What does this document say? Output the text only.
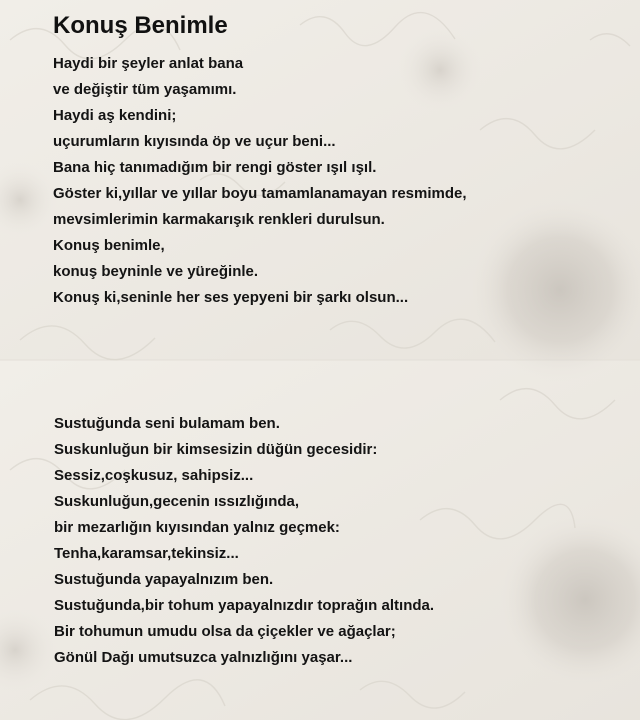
Konuş Benimle
Haydi bir şeyler anlat bana
ve değiştir tüm yaşamımı.
Haydi aş kendini;
uçurumların kıyısında öp ve uçur beni...
Bana hiç tanımadığım bir rengi göster ışıl ışıl.
Göster ki,yıllar ve yıllar boyu tamamlanamayan resmimde,
mevsimlerimin karmakarışık renkleri durulsun.
Konuş benimle,
konuş beyninle ve yüreğinle.
Konuş ki,seninle her ses yepyeni bir şarkı olsun...
Sustuğunda seni bulamam ben.
Suskunluğun bir kimsesizin düğün gecesidir:
Sessiz,coşkusuz, sahipsiz...
Suskunluğun,gecenin ıssızlığında,
bir mezarlığın kıyısından yalnız geçmek:
Tenha,karamsar,tekinsiz...
Sustuğunda yapayalnızım ben.
Sustuğunda,bir tohum yapayalnızdır toprağın altında.
Bir tohumun umudu olsa da çiçekler ve ağaçlar;
Gönül Dağı umutsuzca yalnızlığını yaşar...
